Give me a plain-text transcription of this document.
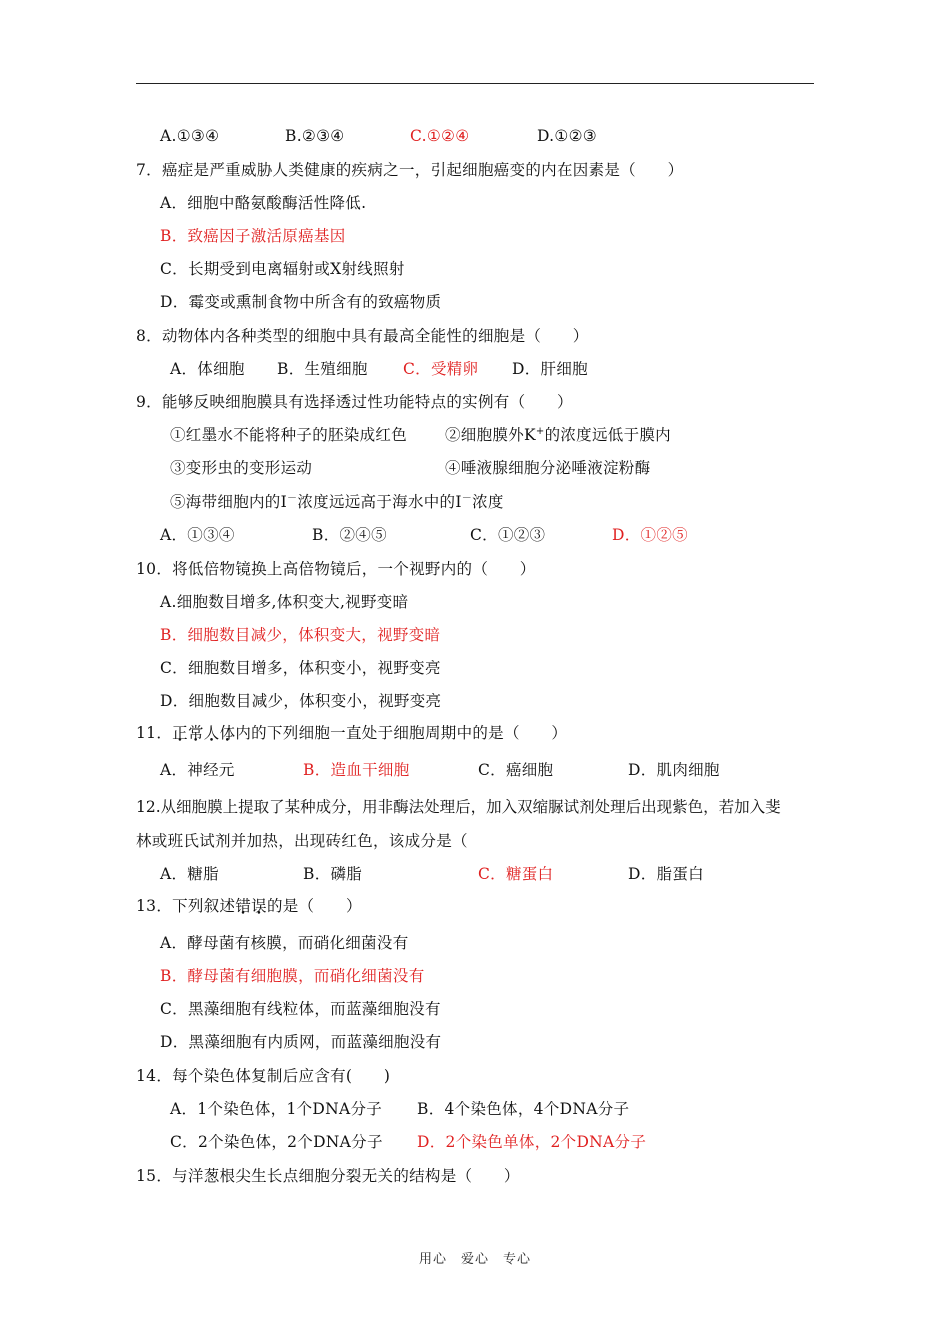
A.①③④	B.②③④	C.①②④	D.①②③
7．癌症是严重威胁人类健康的疾病之一，引起细胞癌变的内在因素是（　　）
A．细胞中酪氨酸酶活性降低.
B．致癌因子激活原癌基因
C．长期受到电离辐射或X射线照射
D．霉变或熏制食物中所含有的致癌物质
8．动物体内各种类型的细胞中具有最高全能性的细胞是（　　）
A．体细胞 B．生殖细胞 C．受精卵 D．肝细胞
9．能够反映细胞膜具有选择透过性功能特点的实例有（　　）
①红墨水不能将种子的胚染成红色 ②细胞膜外K+的浓度远低于膜内
③变形虫的变形运动	④唾液腺细胞分泌唾液淀粉酶
⑤海带细胞内的I－浓度远远高于海水中的I－浓度
A．①③④	B．②④⑤	C．①②③	D．①②⑤
10．将低倍物镜换上高倍物镜后，一个视野内的（　　）
A.细胞数目增多,体积变大,视野变暗
B．细胞数目减少，体积变大，视野变暗
C．细胞数目增多，体积变小，视野变亮
D．细胞数目减少，体积变小，视野变亮
11．正常人体内的下列细胞一直处于细胞周期中的是（　　）
A．神经元	B．造血干细胞	C．癌细胞	D．肌肉细胞
12.从细胞膜上提取了某种成分，用非酶法处理后，加入双缩脲试剂处理后出现紫色，若加入斐
林或班氏试剂并加热，出现砖红色，该成分是（
A．糖脂	B．磷脂	C．糖蛋白	D．脂蛋白
13．下列叙述错误的是（　　）
A．酵母菌有核膜，而硝化细菌没有
B．酵母菌有细胞膜，而硝化细菌没有
C．黑藻细胞有线粒体，而蓝藻细胞没有
D．黑藻细胞有内质网，而蓝藻细胞没有
14．每个染色体复制后应含有(　　)
A．1个染色体，1个DNA分子 B．4个染色体，4个DNA分子
C．2个染色体，2个DNA分子 D．2个染色单体，2个DNA分子
15．与洋葱根尖生长点细胞分裂无关的结构是（　　）
用心　爱心　专心
